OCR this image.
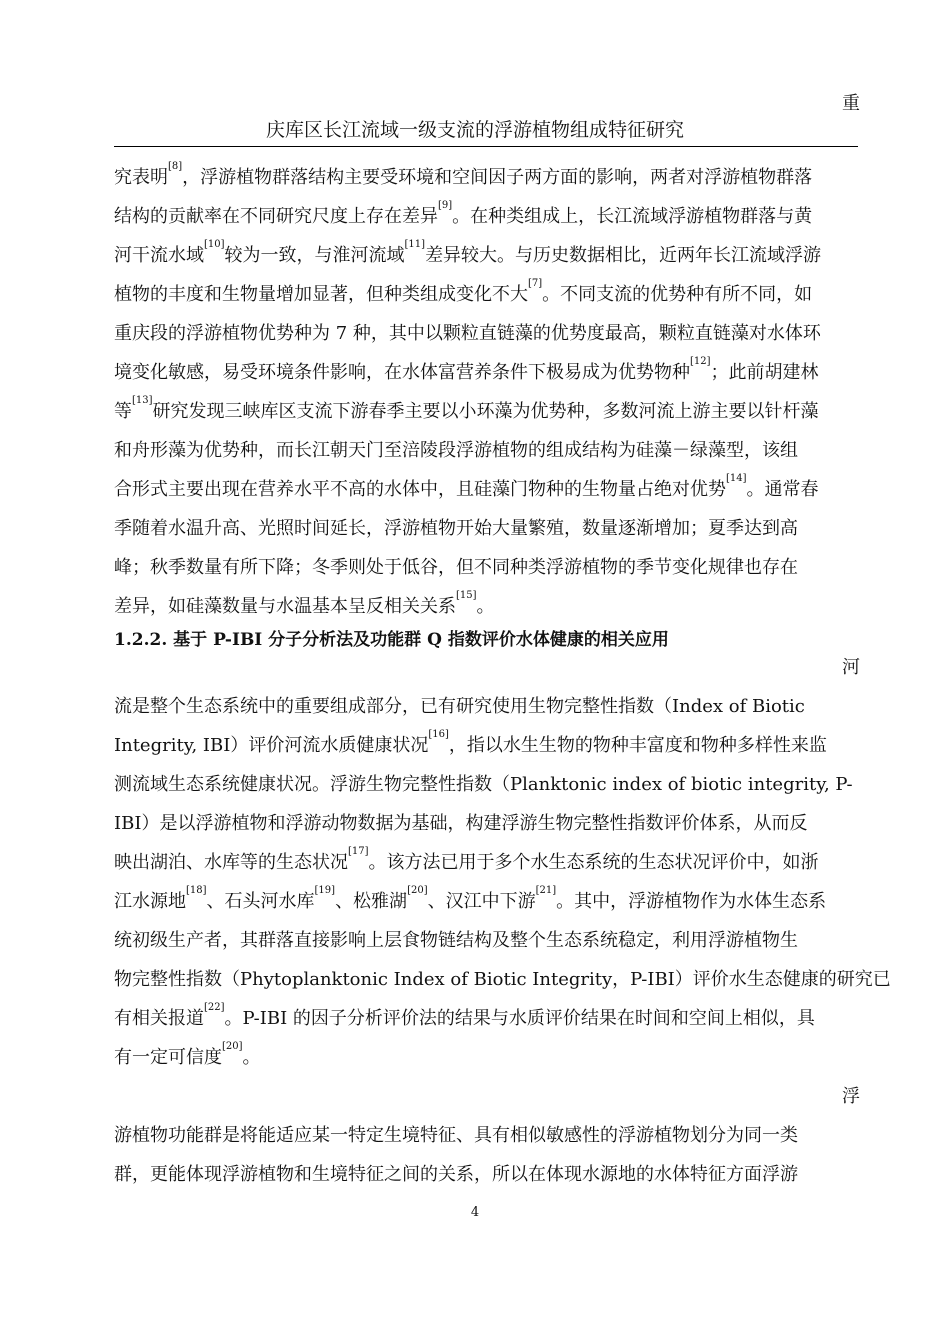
重
庆库区长江流域一级支流的浮游植物组成特征研究
究表明[8]，浮游植物群落结构主要受环境和空间因子两方面的影响，两者对浮游植物群落
结构的贡献率在不同研究尺度上存在差异[9]。在种类组成上，长江流域浮游植物群落与黄
河干流水域[10]较为一致，与淮河流域[11]差异较大。与历史数据相比，近两年长江流域浮游
植物的丰度和生物量增加显著，但种类组成变化不大[7]。不同支流的优势种有所不同，如
重庆段的浮游植物优势种为 7 种，其中以颗粒直链藻的优势度最高，颗粒直链藻对水体环
境变化敏感，易受环境条件影响，在水体富营养条件下极易成为优势物种[12]；此前胡建林
等[13]研究发现三峡库区支流下游春季主要以小环藻为优势种，多数河流上游主要以针杆藻
和舟形藻为优势种，而长江朝天门至涪陵段浮游植物的组成结构为硅藻－绿藻型，该组
合形式主要出现在营养水平不高的水体中，且硅藻门物种的生物量占绝对优势[14]。通常春
季随着水温升高、光照时间延长，浮游植物开始大量繁殖，数量逐渐增加；夏季达到高
峰；秋季数量有所下降；冬季则处于低谷，但不同种类浮游植物的季节变化规律也存在
差异，如硅藻数量与水温基本呈反相关关系[15]。
1.2.2. 基于 P-IBI 分子分析法及功能群 Q 指数评价水体健康的相关应用
河
流是整个生态系统中的重要组成部分，已有研究使用生物完整性指数（Index of Biotic
Integrity, IBI）评价河流水质健康状况[16]，指以水生生物的物种丰富度和物种多样性来监
测流域生态系统健康状况。浮游生物完整性指数（Planktonic index of biotic integrity, P-
IBI）是以浮游植物和浮游动物数据为基础，构建浮游生物完整性指数评价体系，从而反
映出湖泊、水库等的生态状况[17]。该方法已用于多个水生态系统的生态状况评价中，如浙
江水源地[18]、石头河水库[19]、松雅湖[20]、汉江中下游[21]。其中，浮游植物作为水体生态系
统初级生产者，其群落直接影响上层食物链结构及整个生态系统稳定，利用浮游植物生
物完整性指数（Phytoplanktonic Index of Biotic Integrity，P-IBI）评价水生态健康的研究已
有相关报道[22]。P-IBI 的因子分析评价法的结果与水质评价结果在时间和空间上相似，具
有一定可信度[20]。
浮
游植物功能群是将能适应某一特定生境特征、具有相似敏感性的浮游植物划分为同一类
群，更能体现浮游植物和生境特征之间的关系，所以在体现水源地的水体特征方面浮游
4
